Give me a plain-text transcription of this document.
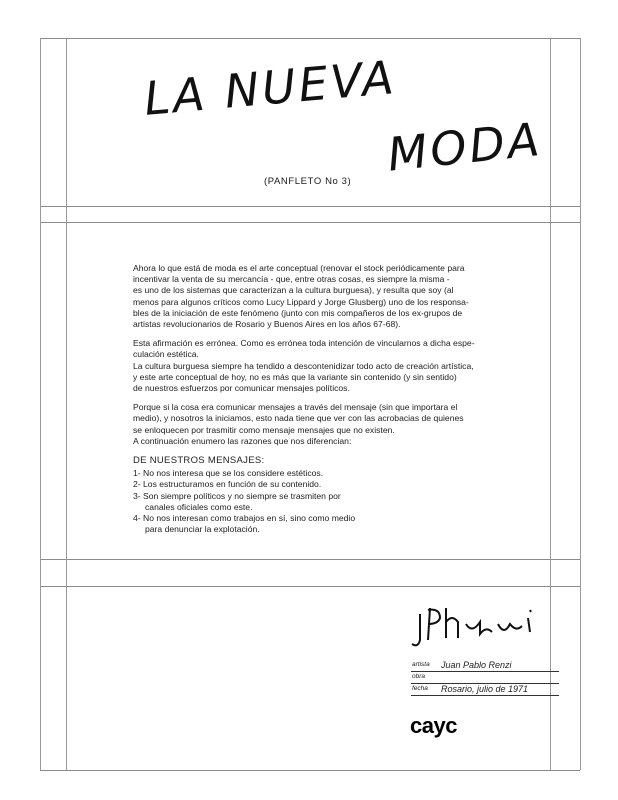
LA NUEVA
MODA
(PANFLETO No 3)
Ahora lo que está de moda es el arte conceptual (renovar el stock periódicamente para
incentivar la venta de su mercancía - que, entre otras cosas, es siempre la misma -
es uno de los sistemas que caracterizan a la cultura burguesa), y resulta que soy (al
menos para algunos críticos como Lucy Lippard y Jorge Glusberg) uno de los responsa-
bles de la iniciación de este fenómeno (junto con mis compañeros de los ex-grupos de
artistas revolucionarios de Rosario y Buenos Aires en los años 67-68).
Esta afirmación es errónea. Como es errónea toda intención de vincularnos a dicha espe-
culación estética.
La cultura burguesa siempre ha tendido a descontenidizar todo acto de creación artística,
y este arte conceptual de hoy, no es más que la variante sin contenido (y sin sentido)
de nuestros esfuerzos por comunicar mensajes políticos.
Porque si la cosa era comunicar mensajes a través del mensaje (sin que importara el
medio), y nosotros la iniciamos, esto nada tiene que ver con las acrobacias de quienes
se enloquecen por trasmitir como mensaje mensajes que no existen.
A continuación enumero las razones que nos diferencian:
DE NUESTROS MENSAJES:
1- No nos interesa que se los considere estéticos.
2- Los estructuramos en función de su contenido.
3- Son siempre políticos y no siempre se trasmiten por
canales oficiales como este.
4- No nos interesan como trabajos en sí, sino como medio
para denunciar la explotación.
artista Juan Pablo Renzi
obra
fecha Rosario, julio de 1971
cayc
